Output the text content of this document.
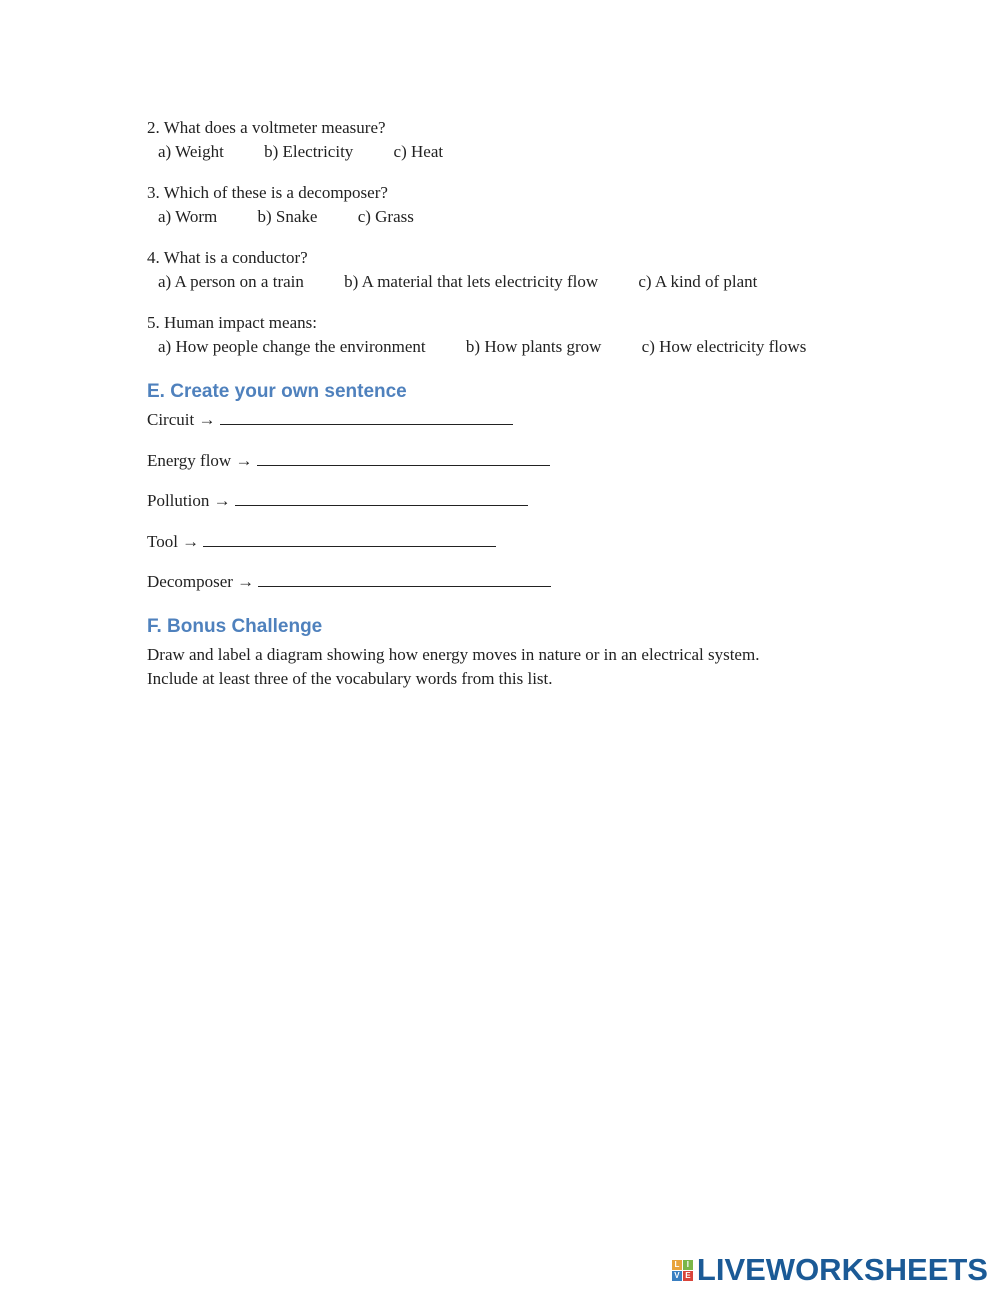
2. What does a voltmeter measure?
a) Weight b) Electricity c) Heat
3. Which of these is a decomposer?
a) Worm b) Snake c) Grass
4. What is a conductor?
a) A person on a train b) A material that lets electricity flow c) A kind of plant
5. Human impact means:
a) How people change the environment b) How plants grow c) How electricity flows
E. Create your own sentence
Circuit →
Energy flow →
Pollution →
Tool →
Decomposer →
F. Bonus Challenge

Draw and label a diagram showing how energy moves in nature or in an electrical system.
Include at least three of the vocabulary words from this list.

L I
V E LIVEWORKSHEETS
